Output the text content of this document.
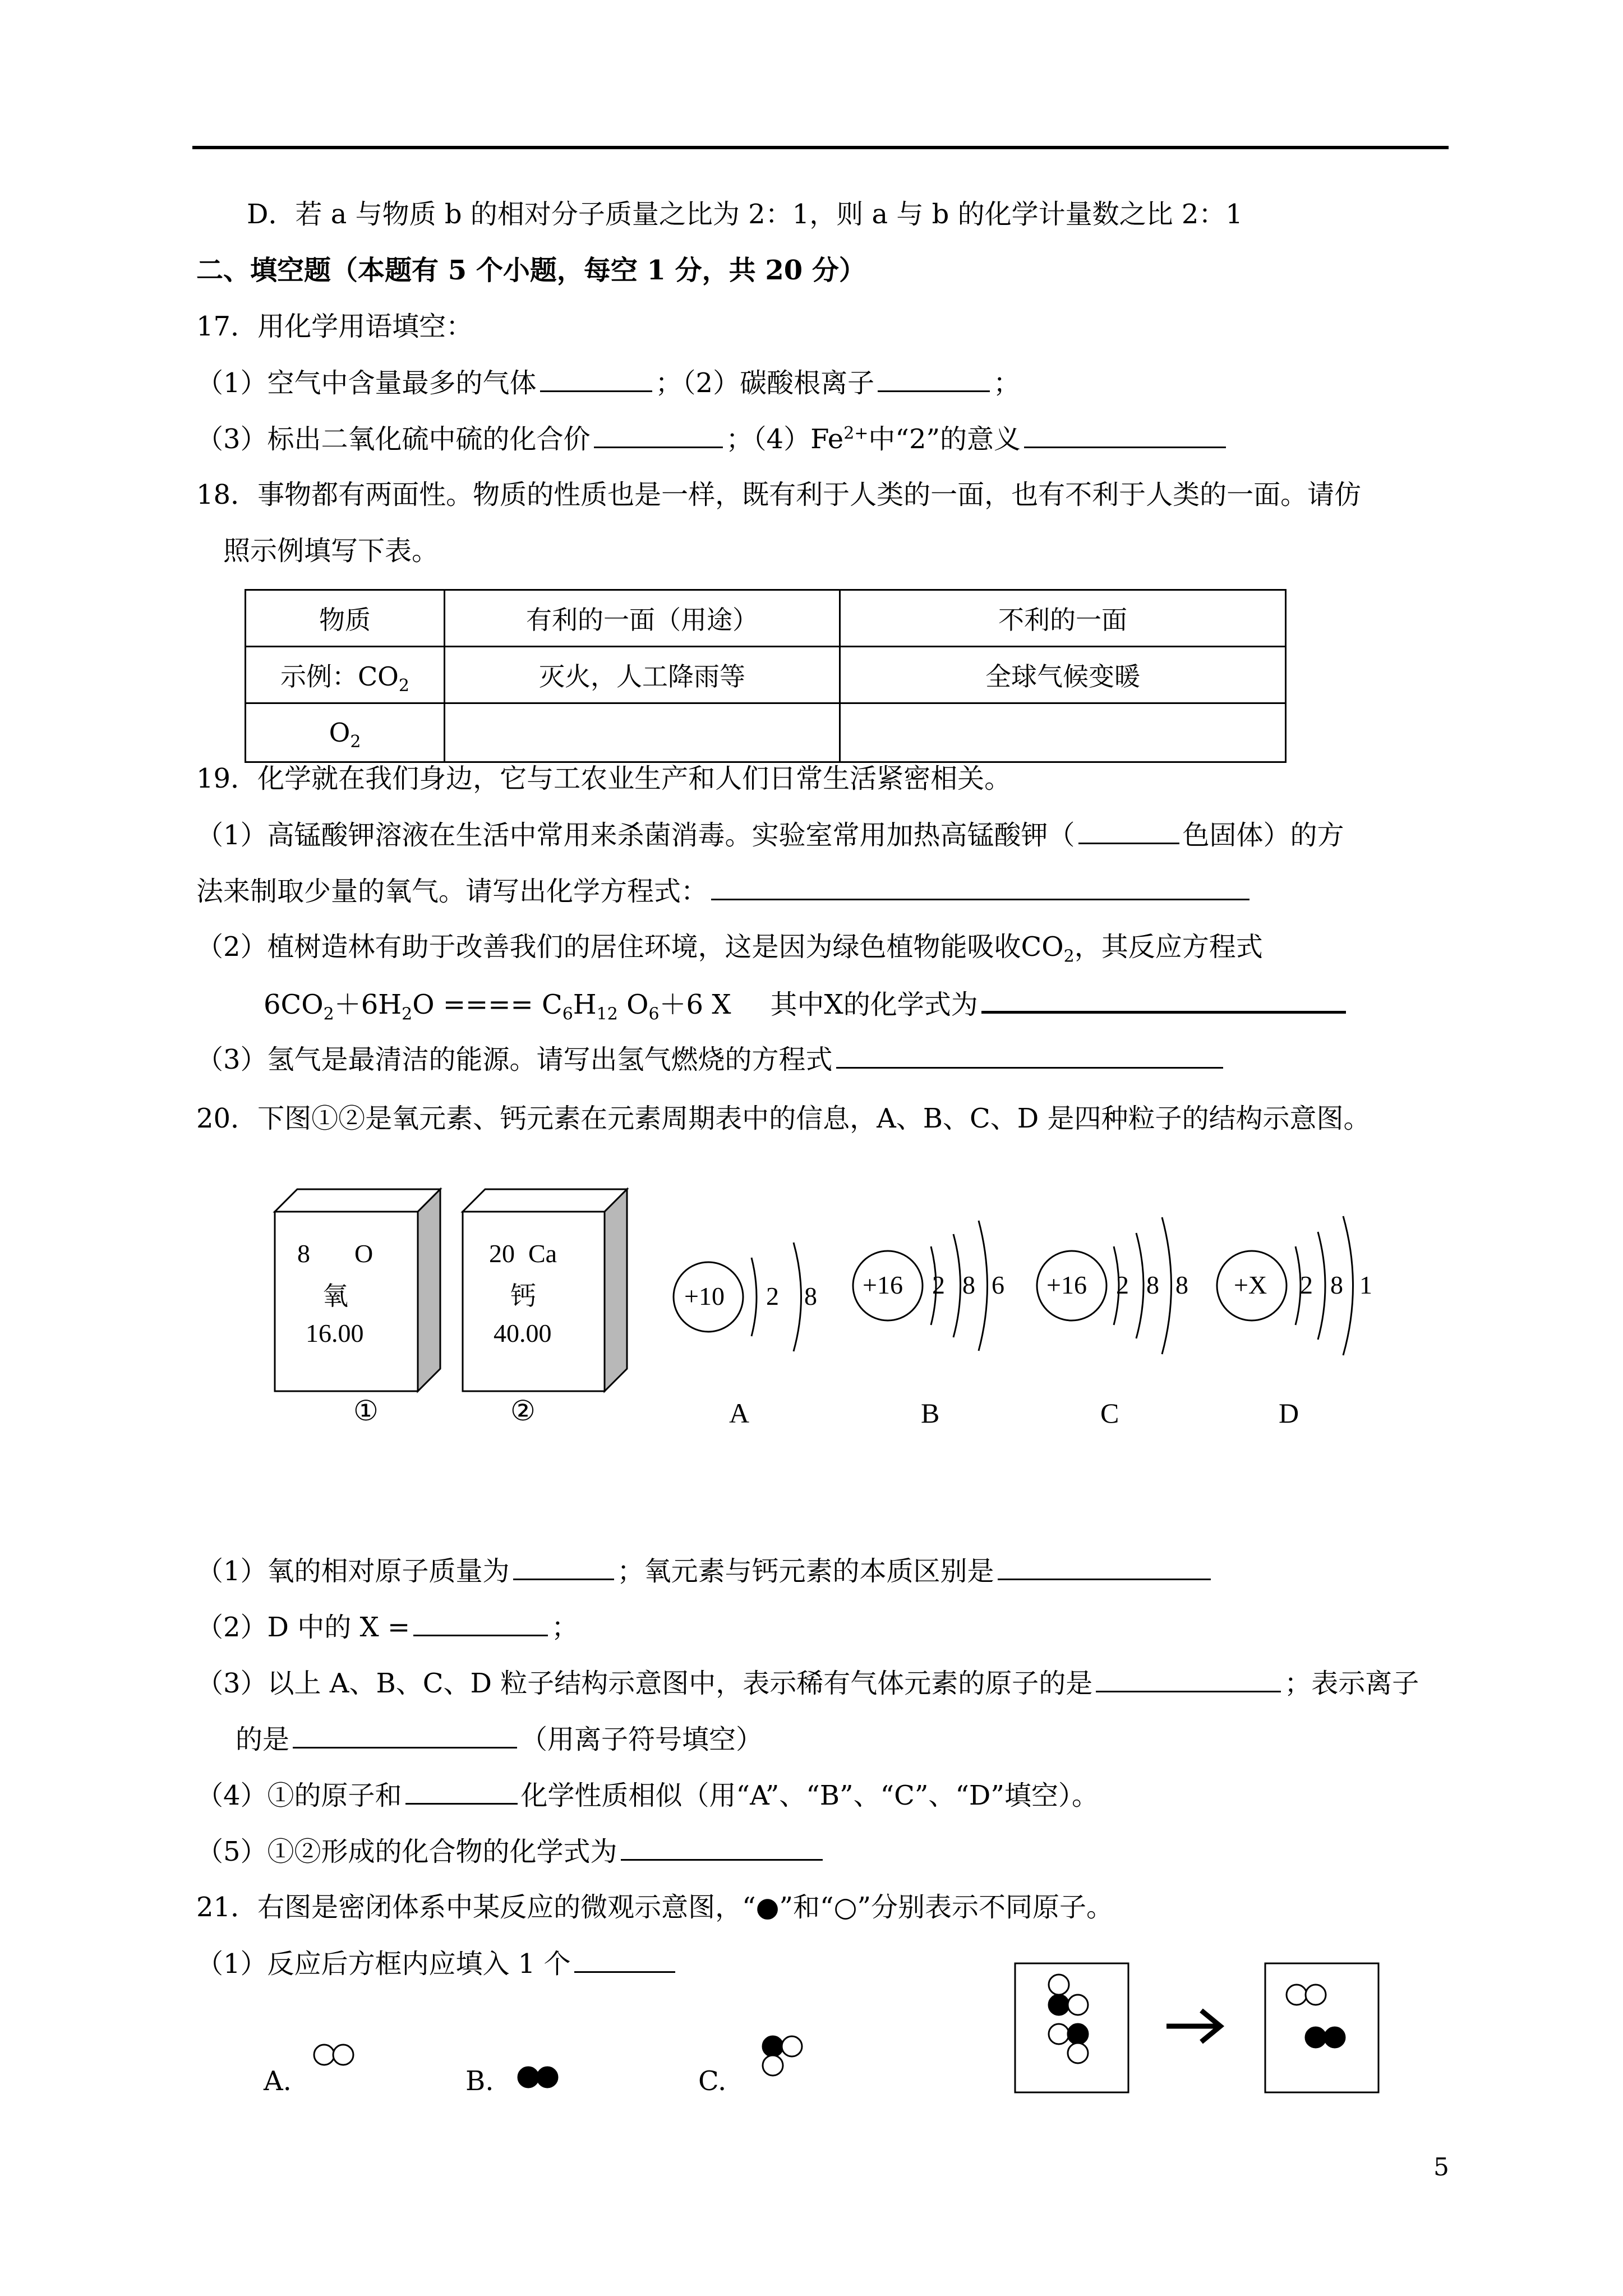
D．若 a 与物质 b 的相对分子质量之比为 2：1，则 a 与 b 的化学计量数之比 2：1
二、填空题（本题有 5 个小题，每空 1 分，共 20 分）
17．用化学用语填空：
（1）空气中含量最多的气体	；（2）碳酸根离子	；
（3）标出二氧化硫中硫的化合价	；$(4)Fe^{2+}$中“2”的意义
18．事物都有两面性。物质的性质也是一样，既有利于人类的一面，也有不利于人类的一面。请仿
照示例填写下表。
物质	有利的一面（用途）	不利的一面
示例：$CO_2$	灭火，人工降雨等	全球气候变暖
$O_2$		
19．化学就在我们身边，它与工农业生产和人们日常生活紧密相关。
（1）高锰酸钾溶液在生活中常用来杀菌消毒。实验室常用加热高锰酸钾（	色固体）的方
法来制取少量的氧气。请写出化学方程式：
（2）植树造林有助于改善我们的居住环境，这是因为绿色植物能吸收$CO_2$，其反应方程式
$6CO_2+6H_2O$ ==== $C_6H_{12}$ $O_6+6$ X 其中X的化学式为
（3）氢气是最清洁的能源。请写出氢气燃烧的方程式
20．下图①②是氧元素、钙元素在元素周期表中的信息，A、B、C、D 是四种粒子的结构示意图。
8 O
氧
16.00
20 Ca
钙
40.00
①	②
+10	+16	+16	+X
2 8	2 8 6	2 8 8	2 8 1
A	B	C	D
（1）氧的相对原子质量为	；氧元素与钙元素的本质区别是
（2）D 中的 X =	；
（3）以上 A、B、C、D 粒子结构示意图中，表示稀有气体元素的原子的是	；表示离子
的是	（用离子符号填空）
（4）①的原子和	化学性质相似（用“A”、“B”、“C”、“D”填空）。
（5）①②形成的化合物的化学式为
21．右图是密闭体系中某反应的微观示意图，“●”和“○”分别表示不同原子。
（1）反应后方框内应填入 1 个
A.	B.	C.
5
